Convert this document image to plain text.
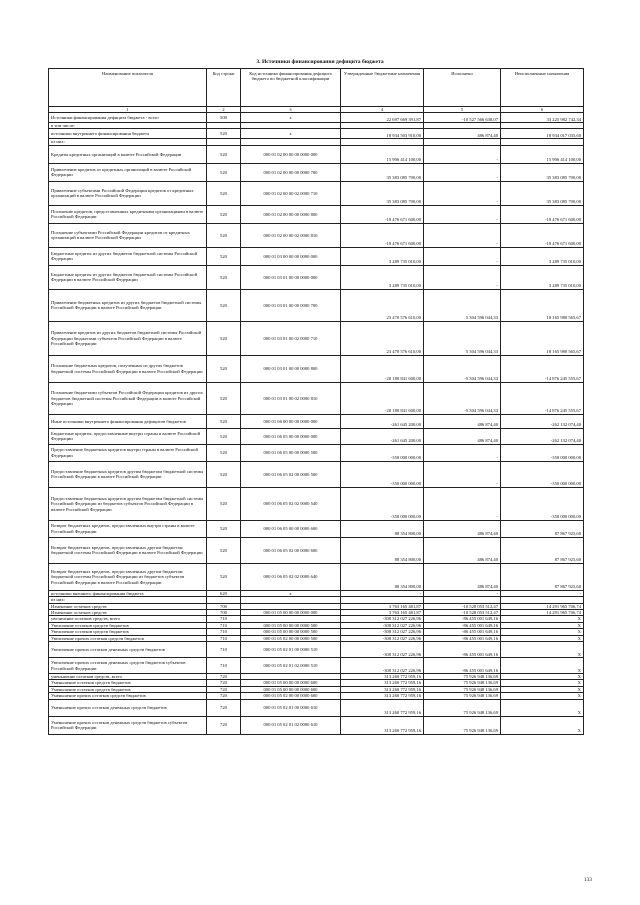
3. Источники финансирования дефицита бюджета
Наименование показателя	Код строки	Код источника финансирования дефицита бюджета по бюджетной классификации	Утвержденные бюджетные назначения	Исполнено	Неисполненные назначения
1	2	3	4	5	6
Источники финансирования дефицита бюджета - всего	500	x	22 697 669 391,87	-10 527 566 638,07	33 225 982 742,34
в том числе:					
источники внутреннего финансирования бюджета	520	x	18 934 503 910,00	486 874,40	18 934 017 035,60
из них:					
Кредиты кредитных организаций в валюте Российской Федерации	520	000 01 02 00 00 00 0000 000	15 906 414 100,00	-	15 906 414 100,00
Привлечение кредитов от кредитных организаций в валюте Российской Федерации	520	000 01 02 00 00 00 0000 700	35 383 085 700,00	-	35 383 085 700,00
Привлечение субъектами Российской Федерации кредитов от кредитных организаций в валюте Российской Федерации	520	000 01 02 00 00 02 0000 710	35 383 085 700,00	-	35 383 085 700,00
Погашение кредитов, предоставленных кредитными организациями в валюте Российской Федерации	520	000 01 02 00 00 00 0000 800	-19 476 671 600,00	-	-19 476 671 600,00
Погашение субъектами Российской Федерации кредитов от кредитных организаций в валюте Российской Федерации	520	000 01 02 00 00 02 0000 810	-19 476 671 600,00	-	-19 476 671 600,00
Бюджетные кредиты из других бюджетов бюджетной системы Российской Федерации	520	000 01 03 00 00 00 0000 000	3 289 735 010,00	-	3 289 735 010,00
Бюджетные кредиты из других бюджетов бюджетной системы Российской Федерации в валюте Российской Федерации	520	000 01 03 01 00 00 0000 000	3 289 735 010,00	-	3 289 735 010,00
Привлечение бюджетных кредитов из других бюджетов бюджетной системы Российской Федерации в валюте Российской Федерации	520	000 01 03 01 00 00 0000 700	23 470 576 610,00	5 304 596 044,33	18 165 980 565,67
Привлечение кредитов из других бюджетов бюджетной системы Российской Федерации бюджетами субъектов Российской Федерации в валюте Российской Федерации	520	000 01 03 01 00 02 0000 710	23 470 576 610,00	5 304 596 044,33	18 165 980 565,67
Погашение бюджетных кредитов, полученных из других бюджетов бюджетной системы Российской Федерации в валюте Российской Федерации	520	000 01 03 01 00 00 0000 800	-20 180 841 600,00	-5 304 596 044,33	-14 876 245 555,67
Погашение бюджетами субъектов Российской Федерации кредитов из других бюджетов бюджетной системы Российской Федерации в валюте Российской Федерации	520	000 01 03 01 00 02 0000 810	-20 180 841 600,00	-5 304 596 044,33	-14 876 245 555,67
Иные источники внутреннего финансирования дефицитов бюджетов	520	000 01 06 00 00 00 0000 000	-261 645 200,00	486 874,40	-262 132 074,40
Бюджетные кредиты, предоставленные внутри страны в валюте Российской Федерации	520	000 01 06 05 00 00 0000 000	-261 645 200,00	486 874,40	-262 132 074,40
Предоставление бюджетных кредитов внутри страны в валюте Российской Федерации	520	000 01 06 05 00 00 0000 500	-350 000 000,00	-	-350 000 000,00
Предоставление бюджетных кредитов другим бюджетам бюджетной системы Российской Федерации в валюте Российской Федерации	520	000 01 06 05 02 00 0000 500	-350 000 000,00	-	-350 000 000,00
Предоставление бюджетных кредитов другим бюджетам бюджетной системы Российской Федерации из бюджетов субъектов Российской Федерации в валюте Российской Федерации	520	000 01 06 05 02 02 0000 540	-350 000 000,00	-	-350 000 000,00
Возврат бюджетных кредитов, предоставленных внутри страны в валюте Российской Федерации	520	000 01 06 05 00 00 0000 600	88 354 800,00	486 874,40	87 867 925,60
Возврат бюджетных кредитов, предоставленных другим бюджетам бюджетной системы Российской Федерации в валюте Российской Федерации	520	000 01 06 05 02 00 0000 600	88 354 800,00	486 874,40	87 867 925,60
Возврат бюджетных кредитов, предоставленных другим бюджетам бюджетной системы Российской Федерации из бюджетов субъектов Российской Федерации в валюте Российской Федерации	520	000 01 06 05 02 02 0000 640	88 354 800,00	486 874,40	87 867 925,60
источники внешнего финансирования бюджета	620	x	-	-	-
из них:					
Изменение остатков средств	700		3 763 165 481,87	-10 528 053 512,47	14 291 965 706,74
Изменение остатков средств	700	000 01 05 00 00 00 0000 000	3 763 165 481,87	-10 528 053 512,47	14 291 965 706,74
увеличение остатков средств, всего	710		-308 312 027 226,96	-86 455 001 649,16	X
Увеличение остатков средств бюджетов	710	000 01 05 00 00 00 0000 500	-308 312 027 226,96	-86 455 001 649,16	X
Увеличение остатков средств бюджетов	710	000 01 05 00 00 00 0000 500	-308 312 027 226,96	-86 455 001 649,16	X
Увеличение прочих остатков средств бюджетов	710	000 01 05 02 00 00 0000 500	-308 312 027 226,96	-86 455 001 649,16	X
Увеличение прочих остатков денежных средств бюджетов	710	000 01 05 02 01 00 0000 510	-308 312 027 226,96	-86 455 001 649,16	X
Увеличение прочих остатков денежных средств бюджетов субъектов Российской Федерации	710	000 01 05 02 01 02 0000 510	-308 312 027 226,96	-86 455 001 649,16	X
уменьшение остатков средств, всего	720		313 260 772 959,16	75 926 948 136,69	X
Уменьшение остатков средств бюджетов	720	000 01 05 00 00 00 0000 600	313 260 772 959,16	75 926 948 136,69	X
Уменьшение остатков средств бюджетов	720	000 01 05 00 00 00 0000 600	313 260 772 959,16	75 926 948 136,69	X
Уменьшение прочих остатков средств бюджетов	720	000 01 05 02 00 00 0000 600	313 260 772 959,16	75 926 948 136,69	X
Уменьшение прочих остатков денежных средств бюджетов	720	000 01 05 02 01 00 0000 610	313 260 772 959,16	75 926 948 136,69	X
Уменьшение прочих остатков денежных средств бюджетов субъектов Российской Федерации	720	000 01 05 02 01 02 0000 610	313 260 772 959,16	75 926 948 136,69	X
133
